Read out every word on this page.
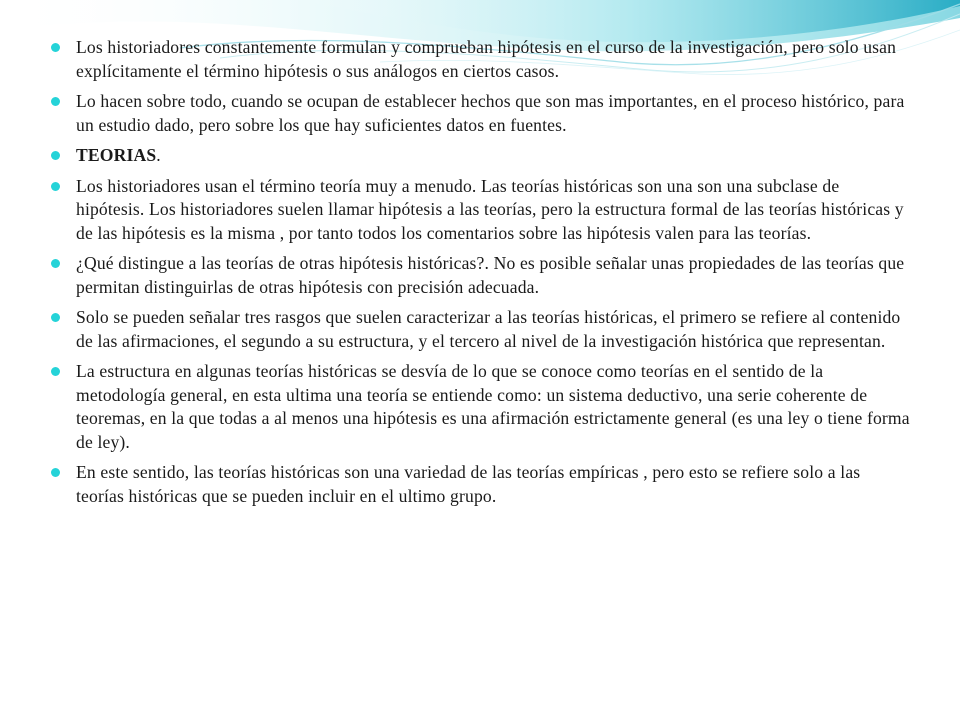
Los historiadores constantemente formulan y comprueban hipótesis en el curso de la investigación, pero solo usan explícitamente el término hipótesis o sus análogos en ciertos casos.
Lo hacen sobre todo, cuando se ocupan de establecer hechos que son mas importantes, en el proceso histórico, para un estudio dado, pero sobre los que hay suficientes datos en fuentes.
TEORIAS.
Los historiadores usan el término teoría muy a menudo. Las teorías históricas son una son una subclase de hipótesis. Los historiadores suelen llamar hipótesis a las teorías, pero la estructura formal de las teorías históricas y de las hipótesis es la misma , por tanto todos los comentarios sobre las hipótesis valen para las teorías.
¿Qué distingue a las teorías de otras hipótesis históricas?. No es posible señalar unas propiedades de las teorías que permitan distinguirlas de otras hipótesis con precisión adecuada.
Solo se pueden señalar tres rasgos que suelen caracterizar a las teorías históricas, el primero se refiere al contenido de las afirmaciones, el segundo a su estructura, y el tercero al nivel de la investigación histórica que representan.
La estructura en algunas teorías históricas se desvía de lo que se conoce como teorías en el sentido de la metodología general, en esta ultima una teoría se entiende como: un sistema deductivo, una serie coherente de teoremas, en la que todas a al menos una hipótesis es una afirmación estrictamente general (es una ley o tiene forma de ley).
En este sentido, las teorías históricas son una variedad de las teorías empíricas , pero esto se refiere solo a las teorías históricas que se pueden incluir en el ultimo grupo.
